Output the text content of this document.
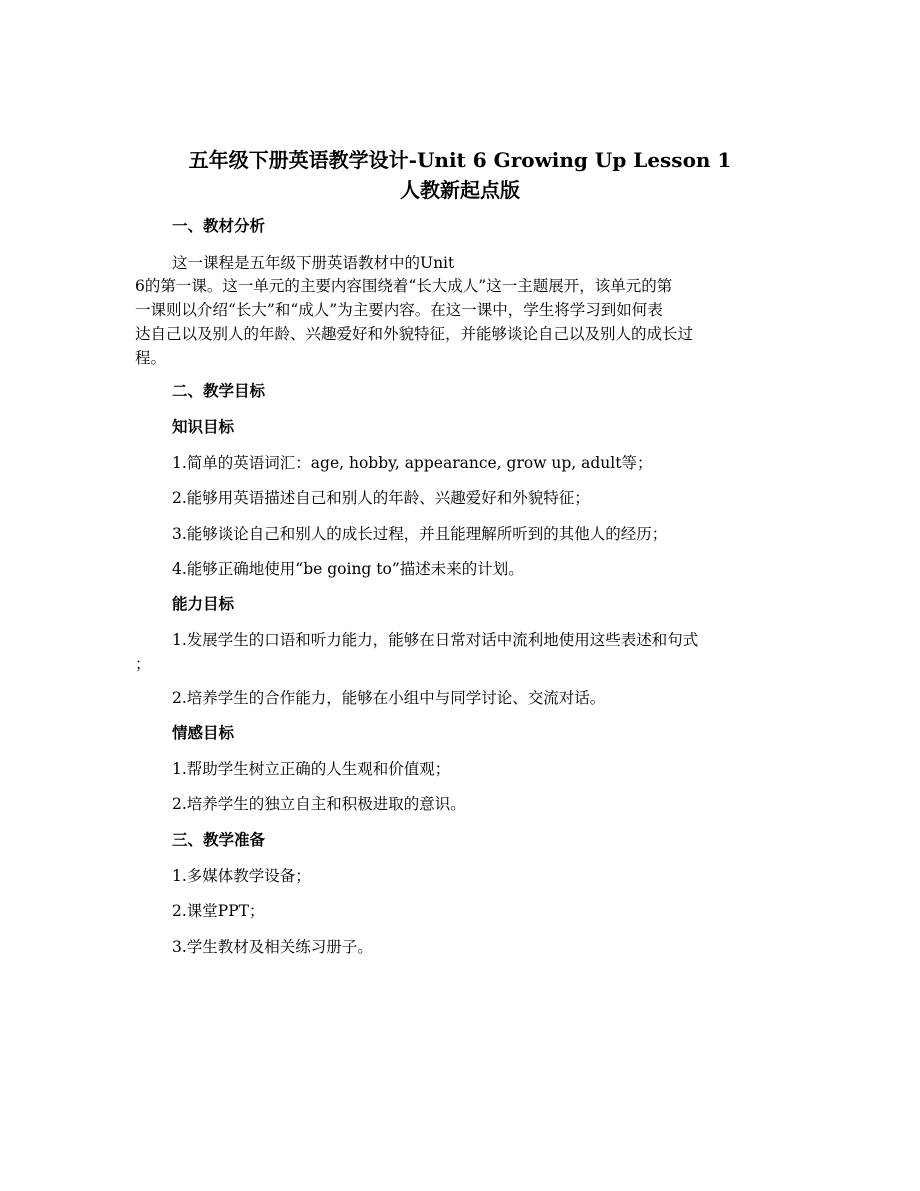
五年级下册英语教学设计-Unit 6 Growing Up Lesson 1
人教新起点版
一、教材分析
这一课程是五年级下册英语教材中的Unit
6的第一课。这一单元的主要内容围绕着“长大成人”这一主题展开，该单元的第
一课则以介绍“长大”和“成人”为主要内容。在这一课中，学生将学习到如何表
达自己以及别人的年龄、兴趣爱好和外貌特征，并能够谈论自己以及别人的成长过
程。
二、教学目标
知识目标
1.简单的英语词汇：age, hobby, appearance, grow up, adult等；
2.能够用英语描述自己和别人的年龄、兴趣爱好和外貌特征；
3.能够谈论自己和别人的成长过程，并且能理解所听到的其他人的经历；
4.能够正确地使用“be going to”描述未来的计划。
能力目标
1.发展学生的口语和听力能力，能够在日常对话中流利地使用这些表述和句式
；
2.培养学生的合作能力，能够在小组中与同学讨论、交流对话。
情感目标
1.帮助学生树立正确的人生观和价值观；
2.培养学生的独立自主和积极进取的意识。
三、教学准备
1.多媒体教学设备；
2.课堂PPT；
3.学生教材及相关练习册子。
